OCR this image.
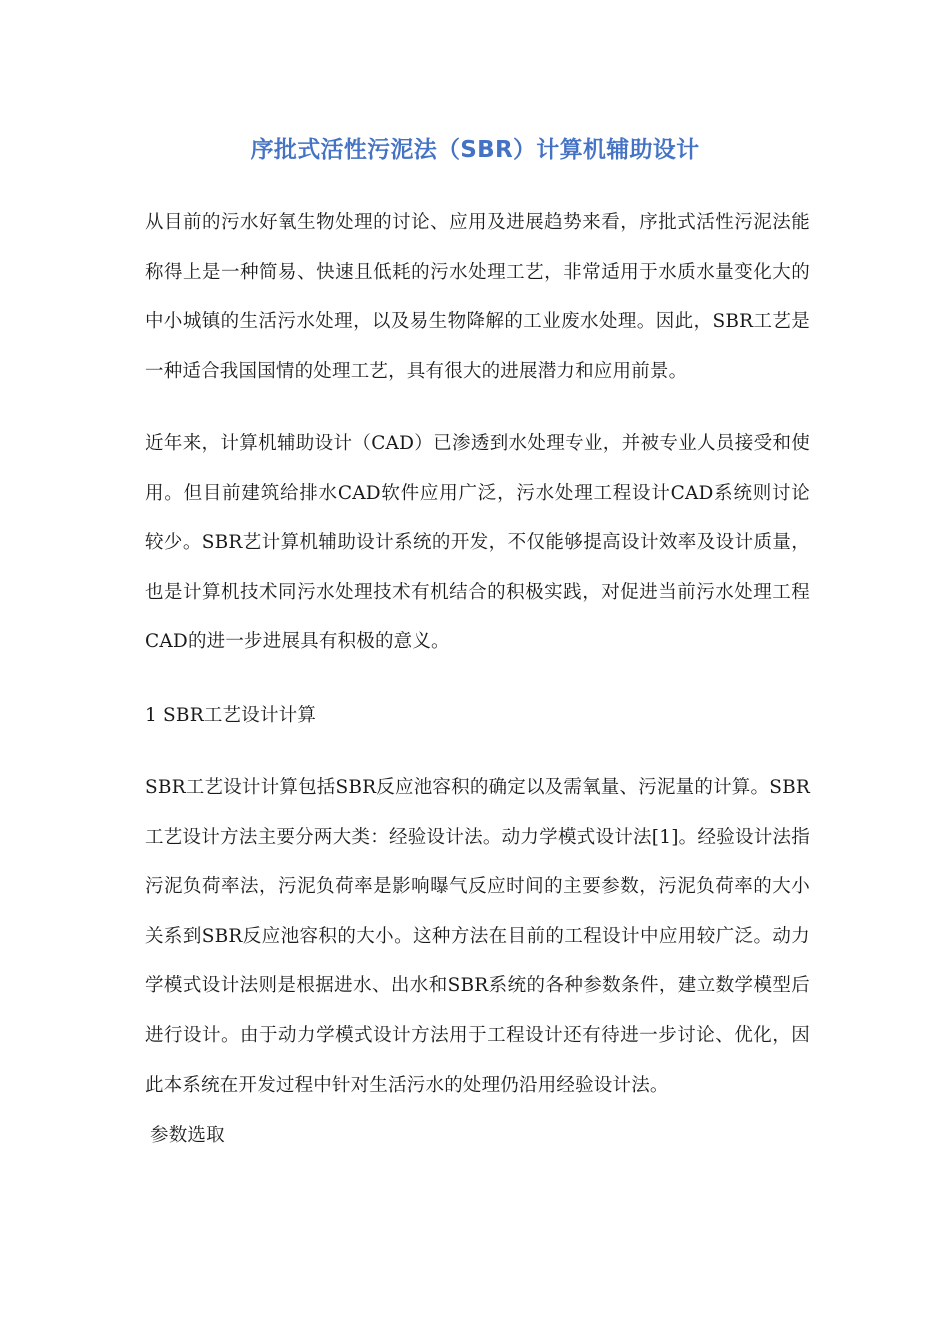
序批式活性污泥法（SBR）计算机辅助设计

从目前的污水好氧生物处理的讨论、应用及进展趋势来看，序批式活性污泥法能称得上是一种简易、快速且低耗的污水处理工艺，非常适用于水质水量变化大的中小城镇的生活污水处理，以及易生物降解的工业废水处理。因此，SBR工艺是一种适合我国国情的处理工艺，具有很大的进展潜力和应用前景。

近年来，计算机辅助设计（CAD）已渗透到水处理专业，并被专业人员接受和使用。但目前建筑给排水CAD软件应用广泛，污水处理工程设计CAD系统则讨论较少。SBR艺计算机辅助设计系统的开发，不仅能够提高设计效率及设计质量，也是计算机技术同污水处理技术有机结合的积极实践，对促进当前污水处理工程CAD的进一步进展具有积极的意义。

1 SBR工艺设计计算

SBR工艺设计计算包括SBR反应池容积的确定以及需氧量、污泥量的计算。SBR工艺设计方法主要分两大类：经验设计法。动力学模式设计法[1]。经验设计法指污泥负荷率法，污泥负荷率是影响曝气反应时间的主要参数，污泥负荷率的大小关系到SBR反应池容积的大小。这种方法在目前的工程设计中应用较广泛。动力学模式设计法则是根据进水、出水和SBR系统的各种参数条件，建立数学模型后进行设计。由于动力学模式设计方法用于工程设计还有待进一步讨论、优化，因此本系统在开发过程中针对生活污水的处理仍沿用经验设计法。

参数选取
